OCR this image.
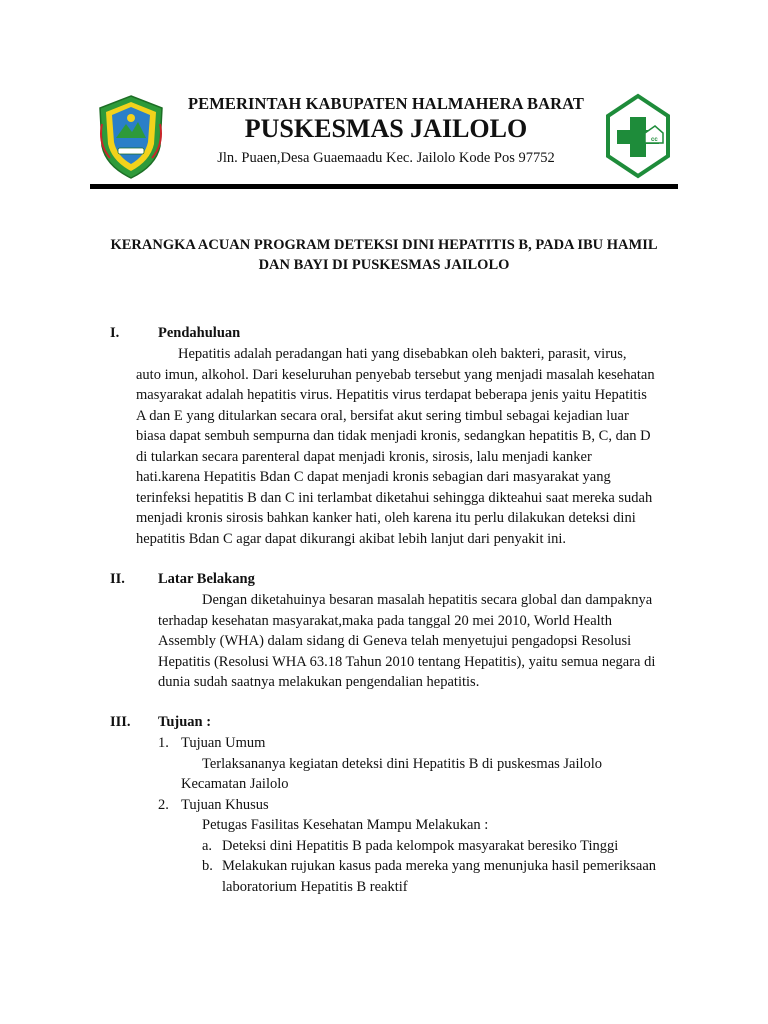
PEMERINTAH KABUPATEN HALMAHERA BARAT
PUSKESMAS JAILOLO
Jln. Puaen,Desa Guaemaadu Kec. Jailolo Kode Pos 97752
cc
KERANGKA ACUAN PROGRAM DETEKSI DINI HEPATITIS B, PADA IBU HAMIL
DAN BAYI DI PUSKESMAS JAILOLO
I.	Pendahuluan
Hepatitis adalah peradangan hati yang disebabkan oleh bakteri, parasit, virus,
auto imun, alkohol. Dari keseluruhan penyebab tersebut yang menjadi masalah kesehatan
masyarakat adalah hepatitis virus. Hepatitis virus terdapat beberapa jenis yaitu Hepatitis
A dan E yang ditularkan secara oral, bersifat akut sering timbul sebagai kejadian luar
biasa dapat sembuh sempurna dan tidak menjadi kronis, sedangkan hepatitis B, C, dan D
di tularkan secara parenteral dapat menjadi kronis, sirosis, lalu menjadi kanker
hati.karena Hepatitis Bdan C dapat menjadi kronis sebagian dari masyarakat yang
terinfeksi hepatitis B dan C ini terlambat diketahui sehingga dikteahui saat mereka sudah
menjadi kronis sirosis bahkan kanker hati, oleh karena itu perlu dilakukan deteksi dini
hepatitis Bdan C agar dapat dikurangi akibat lebih lanjut dari penyakit ini.
II. Latar Belakang
Dengan diketahuinya besaran masalah hepatitis secara global dan dampaknya
terhadap kesehatan masyarakat,maka pada tanggal 20 mei 2010, World Health
Assembly (WHA) dalam sidang di Geneva telah menyetujui pengadopsi Resolusi
Hepatitis (Resolusi WHA 63.18 Tahun 2010 tentang Hepatitis), yaitu semua negara di
dunia sudah saatnya melakukan pengendalian hepatitis.
III. Tujuan :
1. Tujuan Umum
Terlaksananya kegiatan deteksi dini Hepatitis B di puskesmas Jailolo
Kecamatan Jailolo
2. Tujuan Khusus
Petugas Fasilitas Kesehatan Mampu Melakukan :
a. Deteksi dini Hepatitis B pada kelompok masyarakat beresiko Tinggi
b. Melakukan rujukan kasus pada mereka yang menunjuka hasil pemeriksaan
laboratorium Hepatitis B reaktif
